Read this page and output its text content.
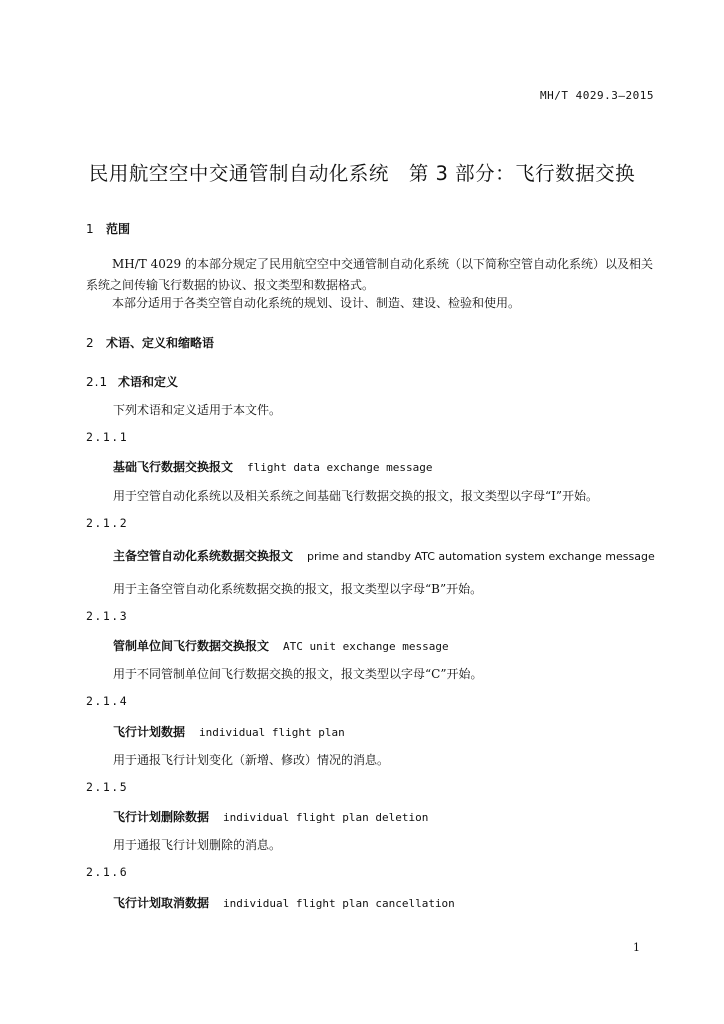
MH/T 4029.3—2015
民用航空空中交通管制自动化系统　第 3 部分：飞行数据交换
1 范围
MH/T 4029 的本部分规定了民用航空空中交通管制自动化系统（以下简称空管自动化系统）以及相关系统之间传输飞行数据的协议、报文类型和数据格式。
本部分适用于各类空管自动化系统的规划、设计、制造、建设、检验和使用。
2 术语、定义和缩略语
2.1 术语和定义
下列术语和定义适用于本文件。
2.1.1
基础飞行数据交换报文 flight data exchange message
用于空管自动化系统以及相关系统之间基础飞行数据交换的报文，报文类型以字母“I”开始。
2.1.2
主备空管自动化系统数据交换报文 prime and standby ATC automation system exchange message
用于主备空管自动化系统数据交换的报文，报文类型以字母“B”开始。
2.1.3
管制单位间飞行数据交换报文 ATC unit exchange message
用于不同管制单位间飞行数据交换的报文，报文类型以字母“C”开始。
2.1.4
飞行计划数据 individual flight plan
用于通报飞行计划变化（新增、修改）情况的消息。
2.1.5
飞行计划删除数据 individual flight plan deletion
用于通报飞行计划删除的消息。
2.1.6
飞行计划取消数据 individual flight plan cancellation
1
